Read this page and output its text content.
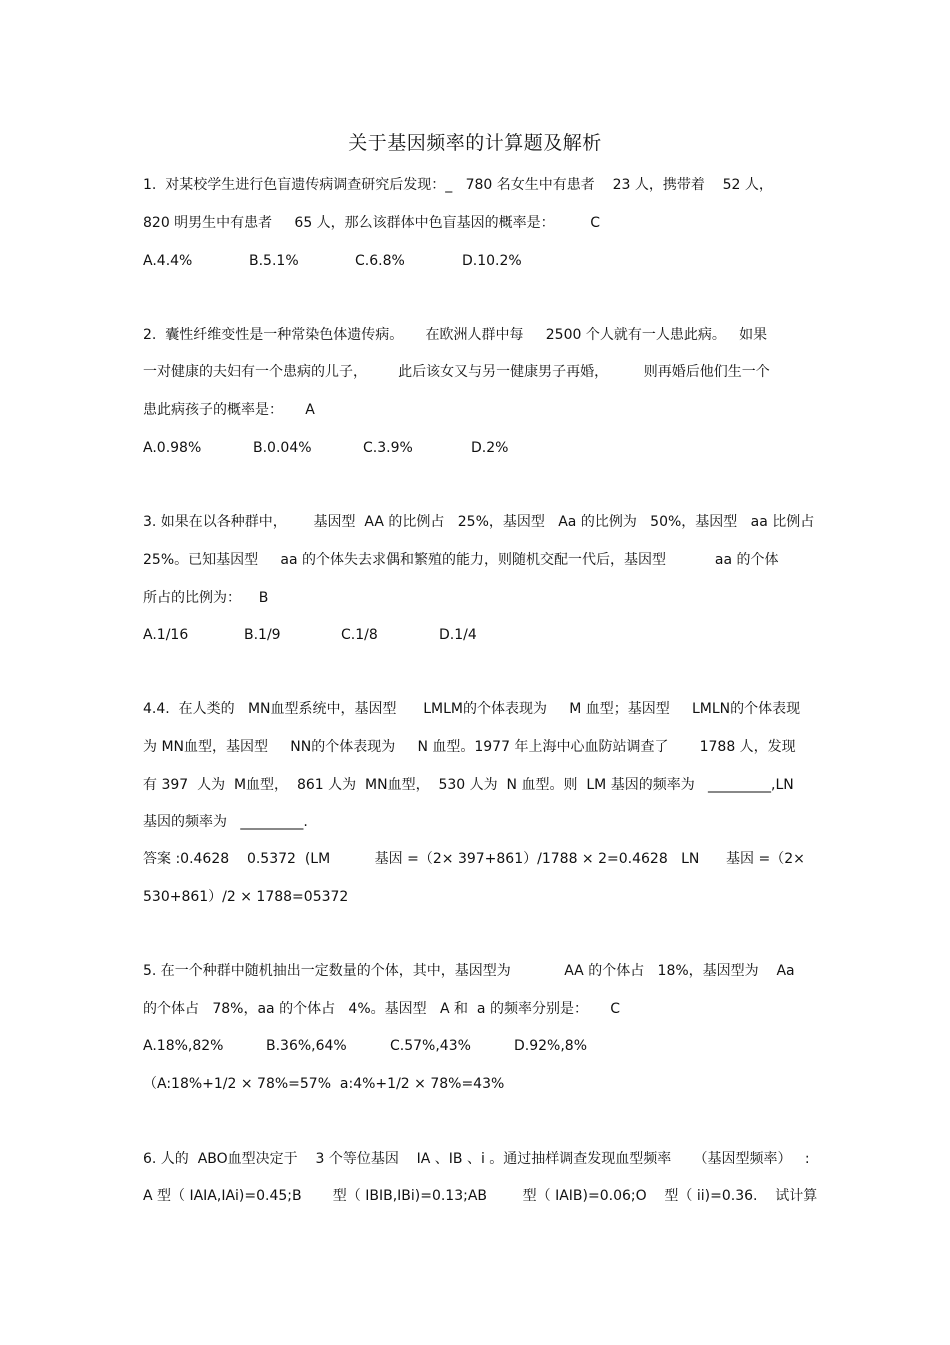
关于基因频率的计算题及解析
1.  对某校学生进行色盲遗传病调查研究后发现：_   780 名女生中有患者    23 人，携带着    52 人，
820 明男生中有患者     65 人，那么该群体中色盲基因的概率是：        C
A.4.4%	B.5.1%	C.6.8%	D.10.2%
2.  囊性纤维变性是一种常染色体遗传病。     在欧洲人群中每     2500 个人就有一人患此病。   如果
一对健康的夫妇有一个患病的儿子，       此后该女又与另一健康男子再婚，        则再婚后他们生一个
患此病孩子的概率是：     A
A.0.98%	B.0.04%	C.3.9%	D.2%
3. 如果在以各种群中，      基因型  AA 的比例占   25%，基因型   Aa 的比例为   50%，基因型   aa 比例占
25%。已知基因型     aa 的个体失去求偶和繁殖的能力，则随机交配一代后，基因型           aa 的个体
所占的比例为：    B
A.1/16	B.1/9	C.1/8	D.1/4
4.4.  在人类的   MN血型系统中，基因型      LMLM的个体表现为     M 血型；基因型     LMLN的个体表现
为 MN血型，基因型     NN的个体表现为     N 血型。1977 年上海中心血防站调查了       1788 人，发现
有 397  人为  M血型，  861 人为  MN血型，  530 人为  N 血型。则  LM 基因的频率为   _________,LN
基因的频率为   _________.
答案 :0.4628    0.5372  (LM          基因 =（2× 397+861）/1788 × 2=0.4628   LN      基因 =（2×
530+861）/2 × 1788=05372
5. 在一个种群中随机抽出一定数量的个体，其中，基因型为            AA 的个体占   18%，基因型为    Aa
的个体占   78%，aa 的个体占   4%。基因型   A 和  a 的频率分别是：     C
A.18%,82%	B.36%,64%	C.57%,43%	D.92%,8%
（A:18%+1/2 × 78%=57%  a:4%+1/2 × 78%=43%
6. 人的  ABO血型决定于    3 个等位基因    IA 、IB 、i 。通过抽样调查发现血型频率     （基因型频率）   :
A 型（ IAIA,IAi)=0.45;B       型（ IBIB,IBi)=0.13;AB        型（ IAIB)=0.06;O    型（ ii)=0.36.    试计算
